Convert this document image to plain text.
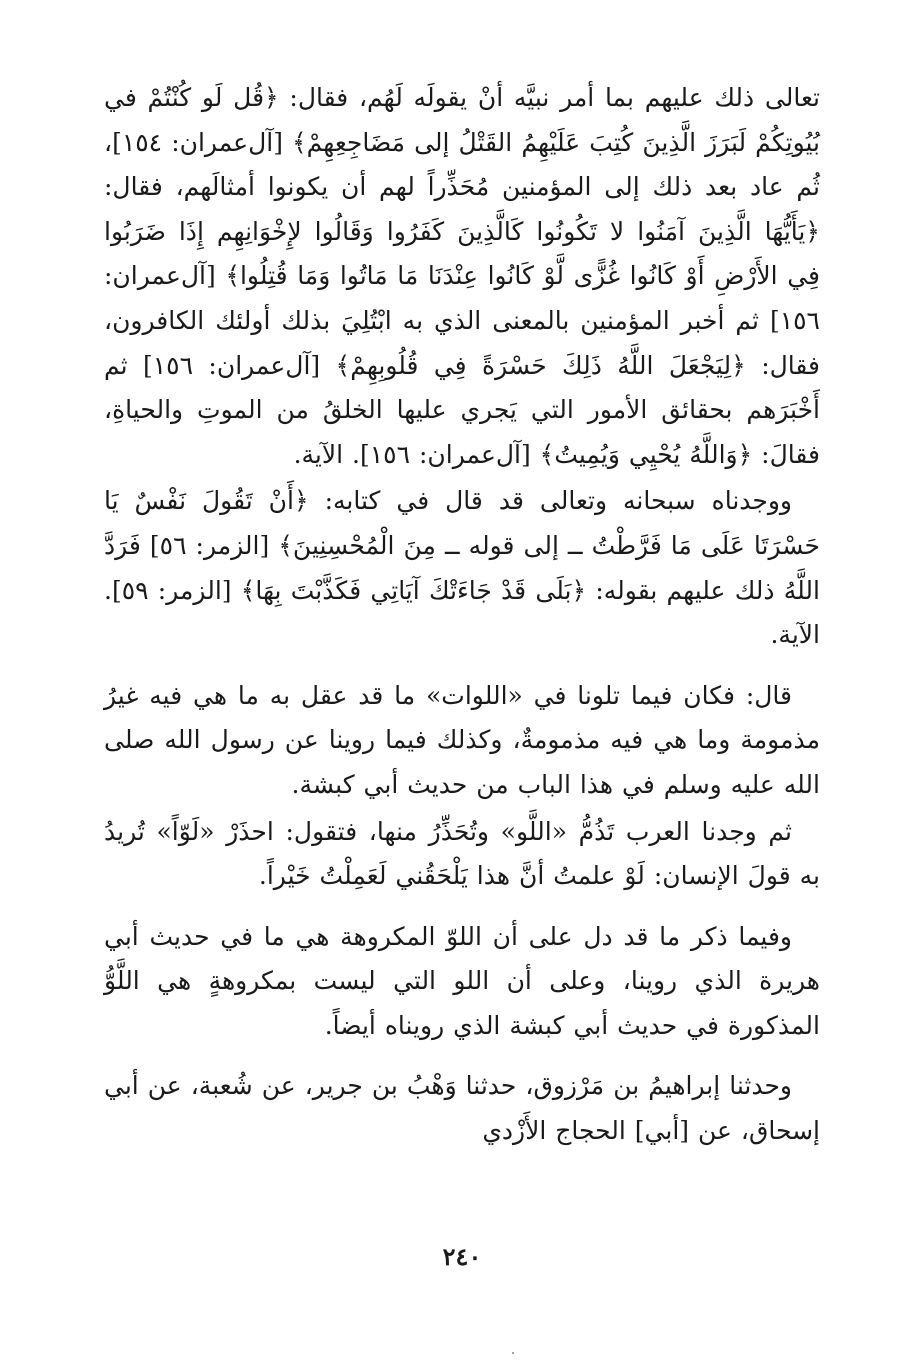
تعالى ذلك عليهم بما أمر نبيَّه أنْ يقولَه لَهُم، فقال: ﴿قُل لَو كُنْتُمْ في بُيُوتِكُمْ لَبَرَزَ الَّذِينَ كُتِبَ عَلَيْهِمُ القَتْلُ إلى مَضَاجِعِهِمْ﴾ [آل‌عمران: ١٥٤]، ثُم عاد بعد ذلك إلى المؤمنين مُحَذِّراً لهم أن يكونوا أمثالَهم، فقال: ﴿يَأَيُّهَا الَّذِينَ آمَنُوا لا تَكُونُوا كَالَّذِينَ كَفَرُوا وَقَالُوا لإِخْوَانِهِم إِذَا ضَرَبُوا فِي الأَرْضِ أَوْ كَانُوا غُزًّى لَّوْ كَانُوا عِنْدَنَا مَا مَاتُوا وَمَا قُتِلُوا﴾ [آل‌عمران: ١٥٦] ثم أخبر المؤمنين بالمعنى الذي به ابْتُلِيَ بذلك أولئك الكافرون، فقال: ﴿لِيَجْعَلَ اللَّهُ ذَلِكَ حَسْرَةً فِي قُلُوبِهِمْ﴾ [آل‌عمران: ١٥٦] ثم أَخْبَرَهم بحقائق الأمور التي يَجري عليها الخلقُ من الموتِ والحياةِ، فقالَ: ﴿وَاللَّهُ يُحْيِي وَيُمِيتُ﴾ [آل‌عمران: ١٥٦]. الآية.

ووجدناه سبحانه وتعالى قد قال في كتابه: ﴿أَنْ تَقُولَ نَفْسٌ يَا حَسْرَتَا عَلَى مَا فَرَّطْتُ ــ إلى قوله ــ مِنَ الْمُحْسِنِينَ﴾ [الزمر: ٥٦] فَرَدَّ اللَّهُ ذلك عليهم بقوله: ﴿بَلَى قَدْ جَاءَتْكَ آيَاتِي فَكَذَّبْتَ بِهَا﴾ [الزمر: ٥٩]. الآية.

قال: فكان فيما تلونا في «اللوات» ما قد عقل به ما هي فيه غيرُ مذمومة وما هي فيه مذمومةٌ، وكذلك فيما روينا عن رسول الله صلى الله عليه وسلم في هذا الباب من حديث أبي كبشة.

ثم وجدنا العرب تَذُمُّ «اللَّو» وتُحَذِّرُ منها، فتقول: احذَرْ «لَوّاً» تُريدُ به قولَ الإنسان: لَوْ علمتُ أنَّ هذا يَلْحَقُني لَعَمِلْتُ خَيْراً.

وفيما ذكر ما قد دل على أن اللوّ المكروهة هي ما في حديث أبي هريرة الذي روينا، وعلى أن اللو التي ليست بمكروهةٍ هي اللَّوُّ المذكورة في حديث أبي كبشة الذي رويناه أيضاً.

وحدثنا إبراهيمُ بن مَرْزوق، حدثنا وَهْبُ بن جرير، عن شُعبة، عن أبي إسحاق، عن [أبي] الحجاج الأَزْدي

٢٤٠
